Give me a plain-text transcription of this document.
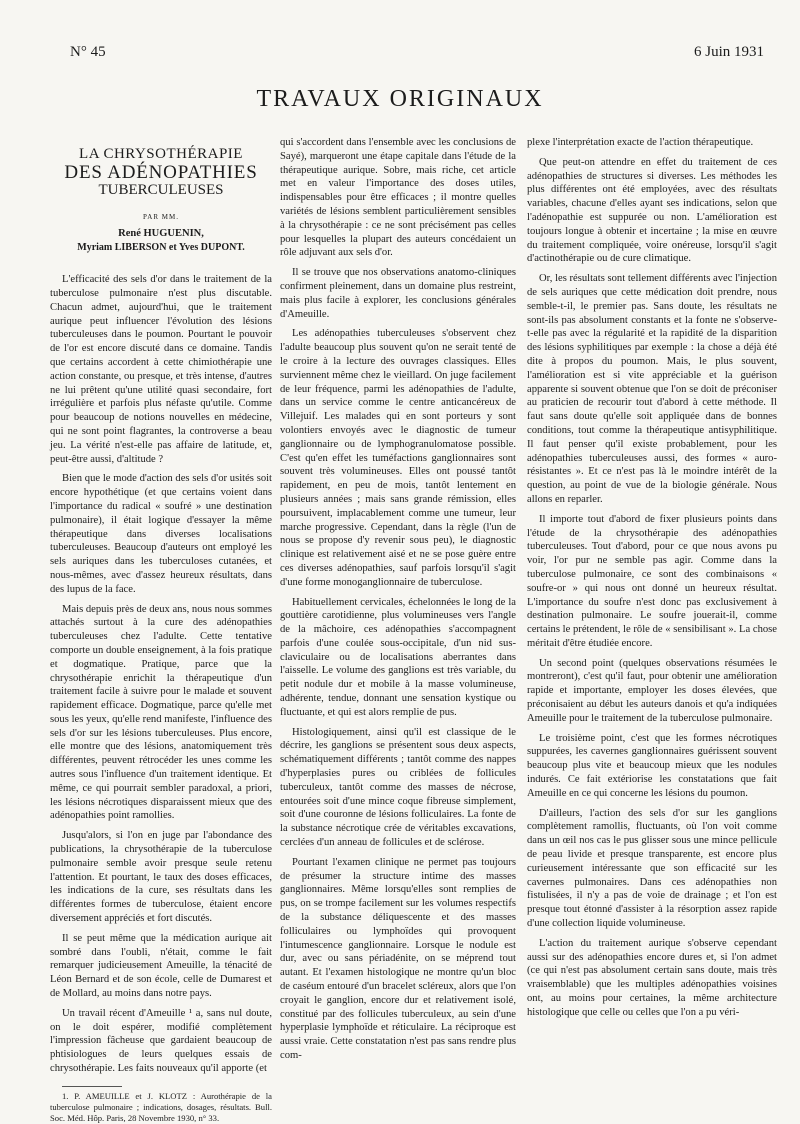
N° 45	6 Juin 1931
TRAVAUX ORIGINAUX
LA CHRYSOTHÉRAPIE
DES ADÉNOPATHIES
TUBERCULEUSES
PAR MM.
René HUGUENIN,
Myriam LIBERSON et Yves DUPONT.

L'efficacité des sels d'or dans le traitement de la tuberculose pulmonaire n'est plus discutable. Chacun admet, aujourd'hui, que le traitement aurique peut influencer l'évolution des lésions tuberculeuses dans le poumon. Pourtant le pouvoir de l'or est encore discuté dans ce domaine. Tandis que certains accordent à cette chimiothérapie une action constante, ou presque, et très intense, d'autres ne lui prêtent qu'une utilité quasi secondaire, fort irrégulière et parfois plus néfaste qu'utile. Comme pour beaucoup de notions nouvelles en médecine, qui ne sont point flagrantes, la controverse a beau jeu. La vérité n'est-elle pas affaire de latitude, et, peut-être aussi, d'altitude ?

Bien que le mode d'action des sels d'or usités soit encore hypothétique (et que certains voient dans l'importance du radical « soufré » une destination pulmonaire), il était logique d'essayer la même thérapeutique dans diverses localisations tuberculeuses. Beaucoup d'auteurs ont employé les sels auriques dans les tuberculoses cutanées, et nous-mêmes, avec d'assez heureux résultats, dans des lupus de la face.

Mais depuis près de deux ans, nous nous sommes attachés surtout à la cure des adénopathies tuberculeuses chez l'adulte. Cette tentative comporte un double enseignement, à la fois pratique et dogmatique. Pratique, parce que la chrysothérapie enrichit la thérapeutique d'un traitement facile à suivre pour le malade et souvent rapidement efficace. Dogmatique, parce qu'elle met sous les yeux, qu'elle rend manifeste, l'influence des sels d'or sur les lésions tuberculeuses. Plus encore, elle montre que des lésions, anatomiquement très différentes, peuvent rétrocéder les unes comme les autres sous l'influence d'un traitement identique. Et même, ce qui pourrait sembler paradoxal, a priori, les lésions nécrotiques disparaissent mieux que des adénopathies point ramollies.

Jusqu'alors, si l'on en juge par l'abondance des publications, la chrysothérapie de la tuberculose pulmonaire semble avoir presque seule retenu l'attention. Et pourtant, le taux des doses efficaces, les indications de la cure, ses résultats dans les différentes formes de tuberculose, étaient encore diversement appréciés et fort discutés.

Il se peut même que la médication aurique ait sombré dans l'oubli, n'était, comme le fait remarquer judicieusement Ameuille, la ténacité de Léon Bernard et de son école, celle de Dumarest et de Mollard, au moins dans notre pays.

Un travail récent d'Ameuille ¹ a, sans nul doute, on le doit espérer, modifié complètement l'impression fâcheuse que gardaient beaucoup de phtisiologues de leurs quelques essais de chrysothérapie. Les faits nouveaux qu'il apporte (et

1. P. AMEUILLE et J. KLOTZ : Aurothérapie de la tuberculose pulmonaire ; indications, dosages, résultats. Bull. Soc. Méd. Hôp. Paris, 28 Novembre 1930, n° 33.

qui s'accordent dans l'ensemble avec les conclusions de Sayé), marqueront une étape capitale dans l'étude de la thérapeutique aurique. Sobre, mais riche, cet article met en valeur l'importance des doses utiles, indispensables pour être efficaces ; il montre quelles variétés de lésions semblent particulièrement sensibles à la chrysothérapie : ce ne sont précisément pas celles pour lesquelles la plupart des auteurs concédaient un rôle adjuvant aux sels d'or.

Il se trouve que nos observations anatomo-cliniques confirment pleinement, dans un domaine plus restreint, mais plus facile à explorer, les conclusions générales d'Ameuille.

Les adénopathies tuberculeuses s'observent chez l'adulte beaucoup plus souvent qu'on ne serait tenté de le croire à la lecture des ouvrages classiques. Elles surviennent même chez le vieillard. On juge facilement de leur fréquence, parmi les adénopathies de l'adulte, dans un service comme le centre anticancéreux de Villejuif. Les malades qui en sont porteurs y sont volontiers envoyés avec le diagnostic de tumeur ganglionnaire ou de lymphogranulomatose possible. C'est qu'en effet les tuméfactions ganglionnaires sont souvent très volumineuses. Elles ont poussé tantôt rapidement, en peu de mois, tantôt lentement en plusieurs années ; mais sans grande rémission, elles poursuivent, implacablement comme une tumeur, leur marche progressive. Cependant, dans la règle (l'un de nous se propose d'y revenir sous peu), le diagnostic clinique est relativement aisé et ne se pose guère entre ces diverses adénopathies, sauf parfois lorsqu'il s'agit d'une forme monoganglionnaire de tuberculose.

Habituellement cervicales, échelonnées le long de la gouttière carotidienne, plus volumineuses vers l'angle de la mâchoire, ces adénopathies s'accompagnent parfois d'une coulée sous-occipitale, d'un nid sus-claviculaire ou de localisations aberrantes dans l'aisselle. Le volume des ganglions est très variable, du petit nodule dur et mobile à la masse volumineuse, adhérente, tendue, donnant une sensation kystique ou fluctuante, et qui est alors remplie de pus.

Histologiquement, ainsi qu'il est classique de le décrire, les ganglions se présentent sous deux aspects, schématiquement différents ; tantôt comme des nappes d'hyperplasies pures ou criblées de follicules tuberculeux, tantôt comme des masses de nécrose, entourées soit d'une mince coque fibreuse simplement, soit d'une couronne de lésions folliculaires. La fonte de la substance nécrotique crée de véritables excavations, cerclées d'un anneau de follicules et de sclérose.

Pourtant l'examen clinique ne permet pas toujours de présumer la structure intime des masses ganglionnaires. Même lorsqu'elles sont remplies de pus, on se trompe facilement sur les volumes respectifs de la substance déliquescente et des masses folliculaires ou lymphoïdes qui provoquent l'intumescence ganglionnaire. Lorsque le nodule est dur, avec ou sans périadénite, on se méprend tout autant. Et l'examen histologique ne montre qu'un bloc de caséum entouré d'un bracelet scléreux, alors que l'on croyait le ganglion, encore dur et relativement isolé, constitué par des follicules tuberculeux, au sein d'une hyperplasie lymphoïde et réticulaire. La réciproque est aussi vraie. Cette constatation n'est pas sans rendre plus com-

plexe l'interprétation exacte de l'action thérapeutique.

Que peut-on attendre en effet du traitement de ces adénopathies de structures si diverses. Les méthodes les plus différentes ont été employées, avec des résultats variables, chacune d'elles ayant ses indications, selon que l'adénopathie est suppurée ou non. L'amélioration est toujours longue à obtenir et incertaine ; la mise en œuvre du traitement compliquée, voire onéreuse, lorsqu'il s'agit d'actinothérapie ou de cure climatique.

Or, les résultats sont tellement différents avec l'injection de sels auriques que cette médication doit prendre, nous semble-t-il, le premier pas. Sans doute, les résultats ne sont-ils pas absolument constants et la fonte ne s'observe-t-elle pas avec la régularité et la rapidité de la disparition des lésions syphilitiques par exemple : la chose a déjà été dite à propos du poumon. Mais, le plus souvent, l'amélioration est si vite appréciable et la guérison apparente si souvent obtenue que l'on se doit de préconiser au praticien de recourir tout d'abord à cette méthode. Il faut sans doute qu'elle soit appliquée dans de bonnes conditions, tout comme la thérapeutique antisyphilitique. Il faut penser qu'il existe probablement, pour les adénopathies tuberculeuses aussi, des formes « auro-résistantes ». Et ce n'est pas là le moindre intérêt de la question, au point de vue de la biologie générale. Nous allons en reparler.

Il importe tout d'abord de fixer plusieurs points dans l'étude de la chrysothérapie des adénopathies tuberculeuses. Tout d'abord, pour ce que nous avons pu voir, l'or pur ne semble pas agir. Comme dans la tuberculose pulmonaire, ce sont des combinaisons « soufre-or » qui nous ont donné un heureux résultat. L'importance du soufre n'est donc pas exclusivement à destination pulmonaire. Le soufre jouerait-il, comme certains le prétendent, le rôle de « sensibilisant ». La chose méritait d'être étudiée encore.

Un second point (quelques observations résumées le montreront), c'est qu'il faut, pour obtenir une amélioration rapide et importante, employer les doses élevées, que préconisaient au début les auteurs danois et qu'a indiquées Ameuille pour le traitement de la tuberculose pulmonaire.

Le troisième point, c'est que les formes nécrotiques suppurées, les cavernes ganglionnaires guérissent souvent beaucoup plus vite et beaucoup mieux que les nodules indurés. Ce fait extériorise les constatations que fait Ameuille en ce qui concerne les lésions du poumon.

D'ailleurs, l'action des sels d'or sur les ganglions complètement ramollis, fluctuants, où l'on voit comme dans un œil nos cas le pus glisser sous une mince pellicule de peau livide et presque transparente, est encore plus curieusement intéressante que son efficacité sur les cavernes pulmonaires. Dans ces adénopathies non fistulisées, il n'y a pas de voie de drainage ; et l'on est presque tout étonné d'assister à la résorption assez rapide d'une collection liquide volumineuse.

L'action du traitement aurique s'observe cependant aussi sur des adénopathies encore dures et, si l'on admet (ce qui n'est pas absolument certain sans doute, mais très vraisemblable) que les multiples adénopathies voisines ont, au moins pour certaines, la même architecture histologique que celle ou celles que l'on a pu véri-
